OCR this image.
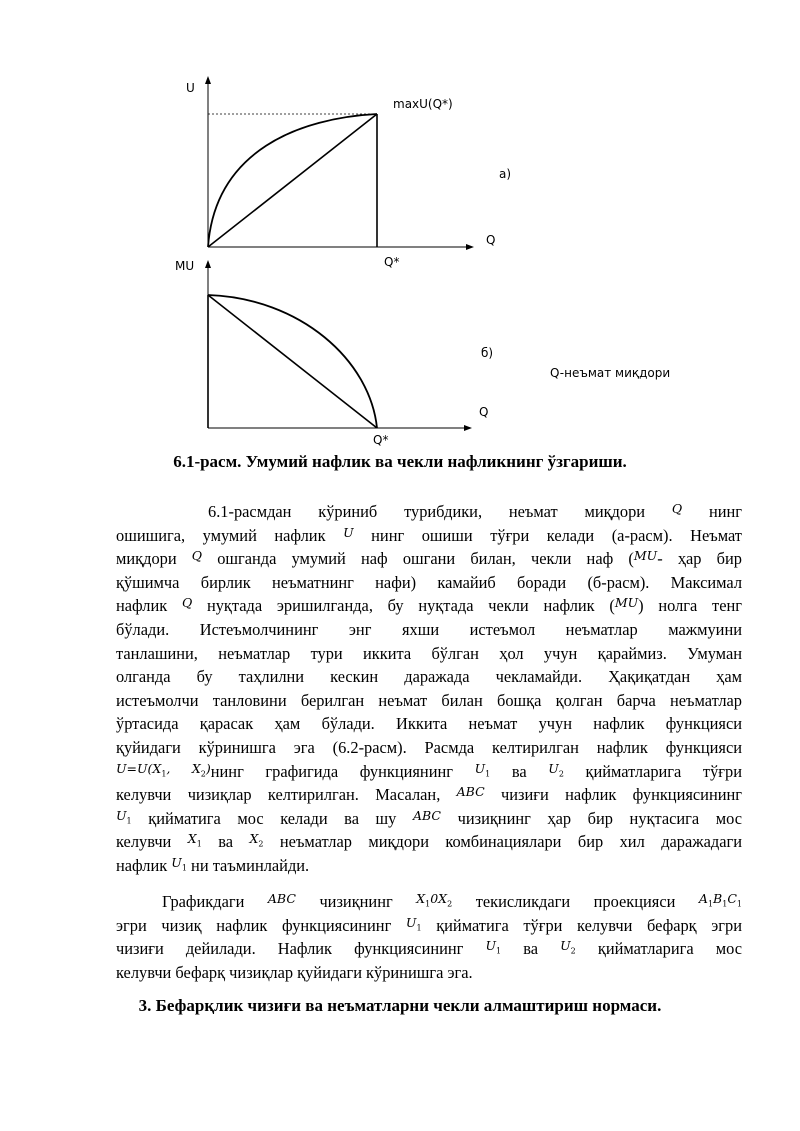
U
maxU(Q*)
а)
Q
Q*
MU
б)
Q-неъмат миқдори
Q
Q*
6.1-расм. Умумий нафлик ва чекли нафликнинг ўзгариши.
6.1-расмдан кўриниб турибдики, неъмат миқдори $^Q$ нинг
ошишига, умумий нафлик $^U$ нинг ошиши тўғри келади (а-расм). Неъмат
миқдори $^Q$ ошганда умумий наф ошгани билан, чекли наф ($^{MU}$- ҳар бир
қўшимча бирлик неъматнинг нафи) камайиб боради (б-расм). Максимал
нафлик $^Q$ нуқтада эришилганда, бу нуқтада чекли нафлик ($^{MU}$) нолга тенг
бўлади. Истеъмолчининг энг яхши истеъмол неъматлар мажмуини
танлашини, неъматлар тури иккита бўлган ҳол учун қараймиз. Умуман
олганда бу таҳлилни кескин даражада чекламайди. Ҳақиқатдан ҳам
истеъмолчи танловини берилган неъмат билан бошқа қолган барча неъматлар
ўртасида қарасак ҳам бўлади. Иккита неъмат учун нафлик функцияси
қуйидаги кўринишга эга (6.2-расм). Расмда келтирилган нафлик функцияси
$^{U=U(X_1, X_2)}$нинг графигида функциянинг $^{U_1}$ ва $^{U_2}$ қийматларига тўғри
келувчи чизиқлар келтирилган. Масалан, $^{ABC}$ чизиғи нафлик функциясининг
$^{U_1}$ қийматига мос келади ва шу $^{ABC}$ чизиқнинг ҳар бир нуқтасига мос
келувчи $^{X_1}$ ва $^{X_2}$ неъматлар миқдори комбинациялари бир хил даражадаги
нафлик $^{U_1}$ ни таъминлайди.
Графикдаги $^{ABC}$ чизиқнинг $^{X_10X_2}$ текисликдаги проекцияси $^{A_1B_1C_1}$
эгри чизиқ нафлик функциясининг $^{U_1}$ қийматига тўғри келувчи бефарқ эгри
чизиғи дейилади. Нафлик функциясининг $^{U_1}$ ва $^{U_2}$ қийматларига мос
келувчи бефарқ чизиқлар қуйидаги кўринишга эга.
3. Бефарқлик чизиғи ва неъматларни чекли алмаштириш нормаси.
